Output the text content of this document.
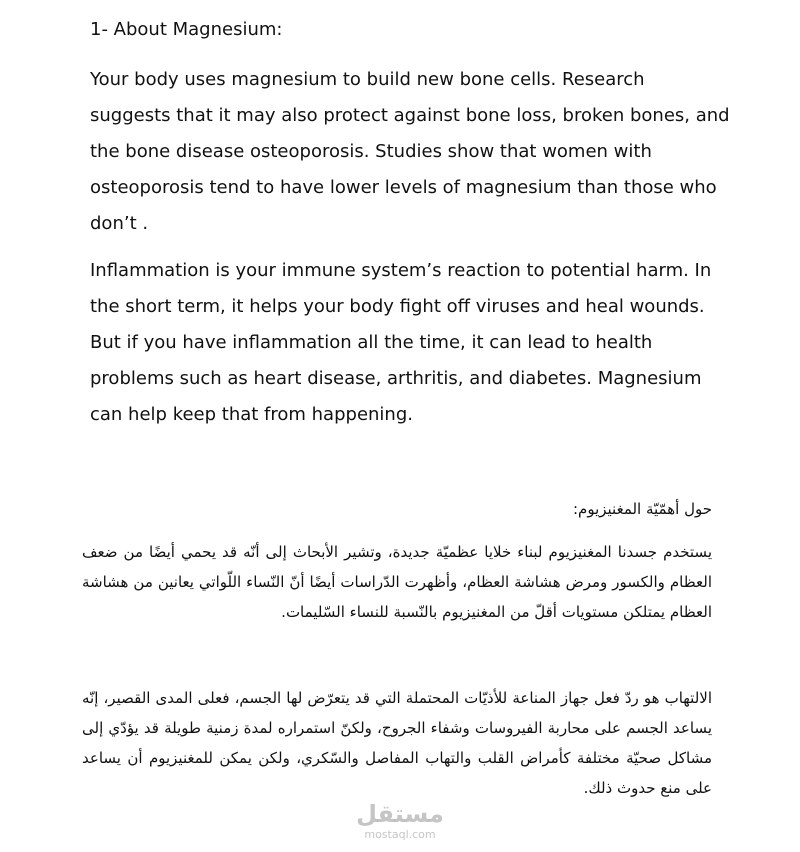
1- About Magnesium:
Your body uses magnesium to build new bone cells. Research suggests that it may also protect against bone loss, broken bones, and the bone disease osteoporosis. Studies show that women with osteoporosis tend to have lower levels of magnesium than those who don’t .
Inflammation is your immune system’s reaction to potential harm. In the short term, it helps your body fight off viruses and heal wounds. But if you have inflammation all the time, it can lead to health problems such as heart disease, arthritis, and diabetes. Magnesium can help keep that from happening.
حول أهمّيّة المغنيزيوم:
يستخدم جسدنا المغنيزيوم لبناء خلايا عظميّة جديدة، وتشير الأبحاث إلى أنّه قد يحمي أيضًا من ضعف العظام والكسور ومرض هشاشة العظام، وأظهرت الدّراسات أيضًا أنّ النّساء اللّواتي يعانين من هشاشة العظام يمتلكن مستويات أقلّ من المغنيزيوم بالنّسبة للنساء السّليمات.
الالتهاب هو ردّ فعل جهاز المناعة للأذيّات المحتملة التي قد يتعرّض لها الجسم، فعلى المدى القصير، إنّه يساعد الجسم على محاربة الفيروسات وشفاء الجروح، ولكنّ استمراره لمدة زمنية طويلة قد يؤدّي إلى مشاكل صحيّة مختلفة كأمراض القلب والتهاب المفاصل والسّكري، ولكن يمكن للمغنيزيوم أن يساعد على منع حدوث ذلك.
مستقل
mostaql.com
